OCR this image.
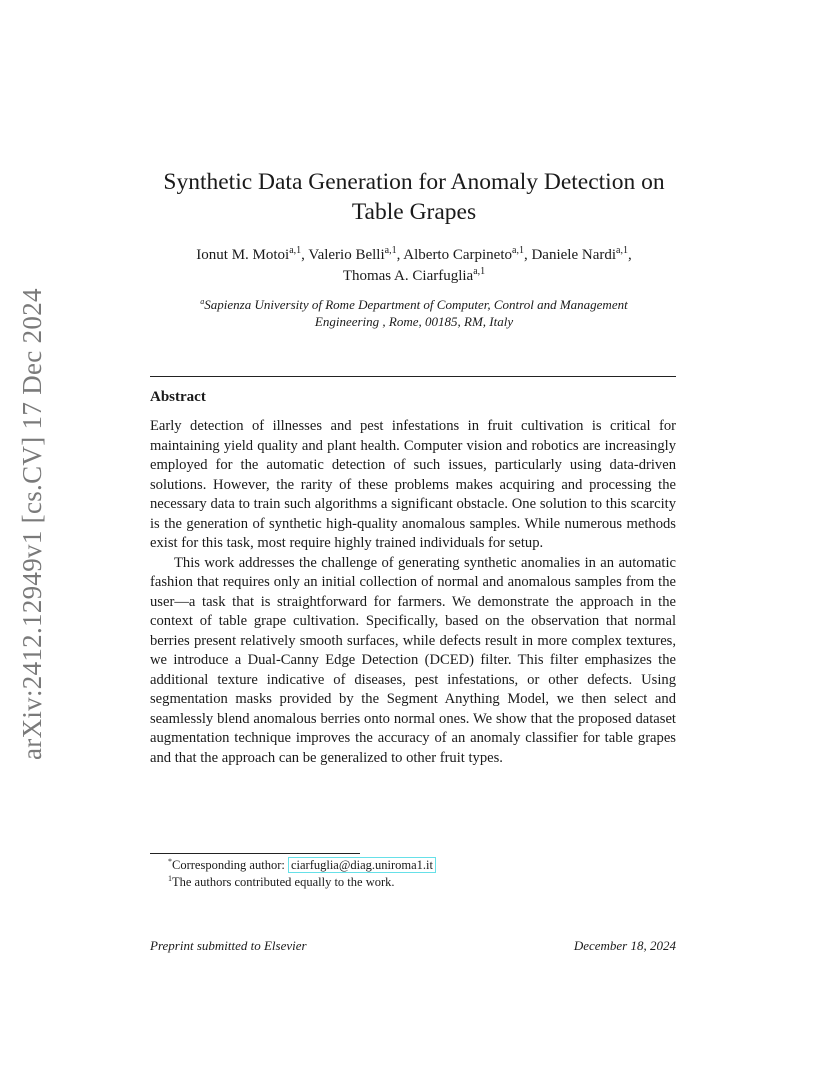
arXiv:2412.12949v1 [cs.CV] 17 Dec 2024
Synthetic Data Generation for Anomaly Detection on
Table Grapes
Ionut M. Motoi$^{a,1}$, Valerio Belli$^{a,1}$, Alberto Carpineto$^{a,1}$, Daniele Nardi$^{a,1}$,
Thomas A. Ciarfuglia$^{a,1}$
$^a$Sapienza University of Rome Department of Computer, Control and Management
Engineering , Rome, 00185, RM, Italy
Abstract

Early detection of illnesses and pest infestations in fruit cultivation is critical for maintaining yield quality and plant health. Computer vision and robotics are increasingly employed for the automatic detection of such issues, particularly using data-driven solutions. However, the rarity of these problems makes acquiring and processing the necessary data to train such algorithms a significant obstacle. One solution to this scarcity is the generation of synthetic high-quality anomalous samples. While numerous methods exist for this task, most require highly trained individuals for setup.

This work addresses the challenge of generating synthetic anomalies in an automatic fashion that requires only an initial collection of normal and anomalous samples from the user—a task that is straightforward for farmers. We demonstrate the approach in the context of table grape cultivation. Specifically, based on the observation that normal berries present relatively smooth surfaces, while defects result in more complex textures, we introduce a Dual-Canny Edge Detection (DCED) filter. This filter emphasizes the additional texture indicative of diseases, pest infestations, or other defects. Using segmentation masks provided by the Segment Anything Model, we then select and seamlessly blend anomalous berries onto normal ones. We show that the proposed dataset augmentation technique improves the accuracy of an anomaly classifier for table grapes and that the approach can be generalized to other fruit types.

*Corresponding author: ciarfuglia@diag.uniroma1.it
$^1$The authors contributed equally to the work.
Preprint submitted to Elsevier	December 18, 2024
